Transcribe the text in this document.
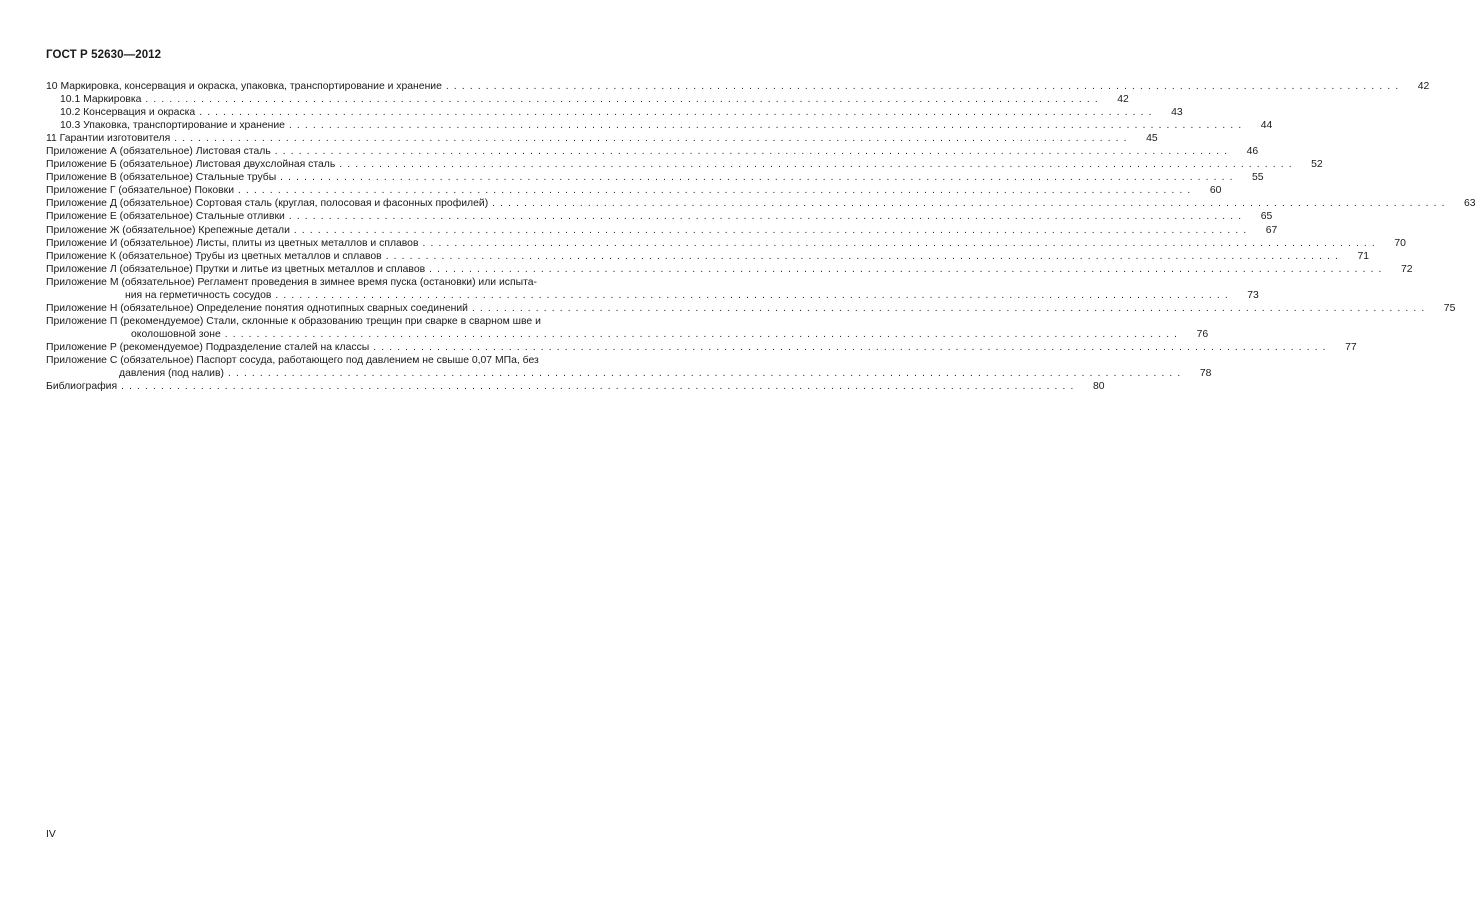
ГОСТ Р 52630—2012
10 Маркировка, консервация и окраска, упаковка, транспортирование и хранение ........................................................................................................................	42
10.1 Маркировка ........................................................................................................................	42
10.2 Консервация и окраска ........................................................................................................................	43
10.3 Упаковка, транспортирование и хранение ........................................................................................................................	44
11 Гарантии изготовителя ........................................................................................................................	45
Приложение А (обязательное) Листовая сталь ........................................................................................................................	46
Приложение Б (обязательное) Листовая двухслойная сталь ........................................................................................................................	52
Приложение В (обязательное) Стальные трубы ........................................................................................................................	55
Приложение Г (обязательное) Поковки ........................................................................................................................	60
Приложение Д (обязательное) Сортовая сталь (круглая, полосовая и фасонных профилей) ........................................................................................................................	63
Приложение Е (обязательное) Стальные отливки ........................................................................................................................	65
Приложение Ж (обязательное) Крепежные детали ........................................................................................................................	67
Приложение И (обязательное) Листы, плиты из цветных металлов и сплавов ........................................................................................................................	70
Приложение К (обязательное) Трубы из цветных металлов и сплавов ........................................................................................................................	71
Приложение Л (обязательное) Прутки и литье из цветных металлов и сплавов ........................................................................................................................	72
Приложение М (обязательное) Регламент проведения в зимнее время пуска (остановки) или испыта-
ния на герметичность сосудов ........................................................................................................................	73
Приложение Н (обязательное) Определение понятия однотипных сварных соединений ........................................................................................................................	75
Приложение П (рекомендуемое) Стали, склонные к образованию трещин при сварке в сварном шве и
околошовной зоне ........................................................................................................................	76
Приложение Р (рекомендуемое) Подразделение сталей на классы ........................................................................................................................	77
Приложение С (обязательное) Паспорт сосуда, работающего под давлением не свыше 0,07 МПа, без
давления (под налив) ........................................................................................................................	78
Библиография ........................................................................................................................	80
IV
